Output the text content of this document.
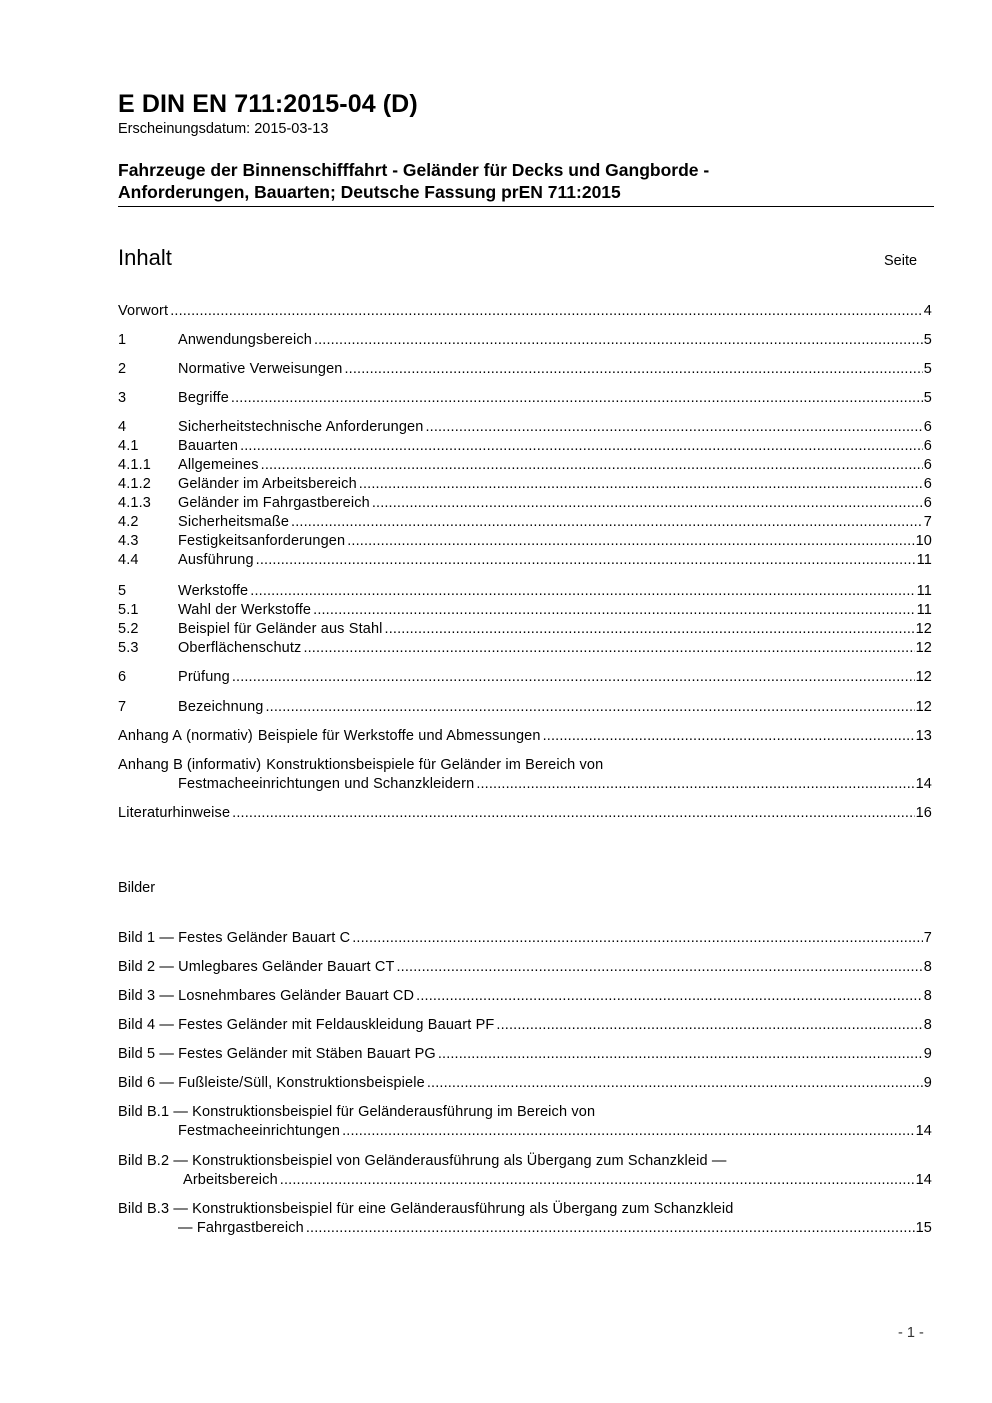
E DIN EN 711:2015-04 (D)
Erscheinungsdatum: 2015-03-13
Fahrzeuge der Binnenschifffahrt - Geländer für Decks und Gangborde -
Anforderungen, Bauarten; Deutsche Fassung prEN 711:2015
Inhalt	Seite
Vorwort .....	4
1	Anwendungsbereich .....	5
2	Normative Verweisungen .....	5
3	Begriffe .....	5
4	Sicherheitstechnische Anforderungen .....	6
4.1	Bauarten .....	6
4.1.1	Allgemeines .....	6
4.1.2	Geländer im Arbeitsbereich .....	6
4.1.3	Geländer im Fahrgastbereich .....	6
4.2	Sicherheitsmaße .....	7
4.3	Festigkeitsanforderungen .....	10
4.4	Ausführung .....	11
5	Werkstoffe .....	11
5.1	Wahl der Werkstoffe .....	11
5.2	Beispiel für Geländer aus Stahl .....	12
5.3	Oberflächenschutz .....	12
6	Prüfung .....	12
7	Bezeichnung .....	12
Anhang A (normativ) Beispiele für Werkstoffe und Abmessungen .....	13
Anhang B (informativ) Konstruktionsbeispiele für Geländer im Bereich von
Festmacheeinrichtungen und Schanzkleidern .....	14
Literaturhinweise .....	16
Bilder
Bild 1 — Festes Geländer Bauart C .....	7
Bild 2 — Umlegbares Geländer Bauart CT .....	8
Bild 3 — Losnehmbares Geländer Bauart CD .....	8
Bild 4 — Festes Geländer mit Feldauskleidung Bauart PF .....	8
Bild 5 — Festes Geländer mit Stäben Bauart PG .....	9
Bild 6 — Fußleiste/Süll, Konstruktionsbeispiele .....	9
Bild B.1 — Konstruktionsbeispiel für Geländerausführung im Bereich von
Festmacheeinrichtungen .....	14
Bild B.2 — Konstruktionsbeispiel von Geländerausführung als Übergang zum Schanzkleid —
Arbeitsbereich .....	14
Bild B.3 — Konstruktionsbeispiel für eine Geländerausführung als Übergang zum Schanzkleid
— Fahrgastbereich .....	15
- 1 -
